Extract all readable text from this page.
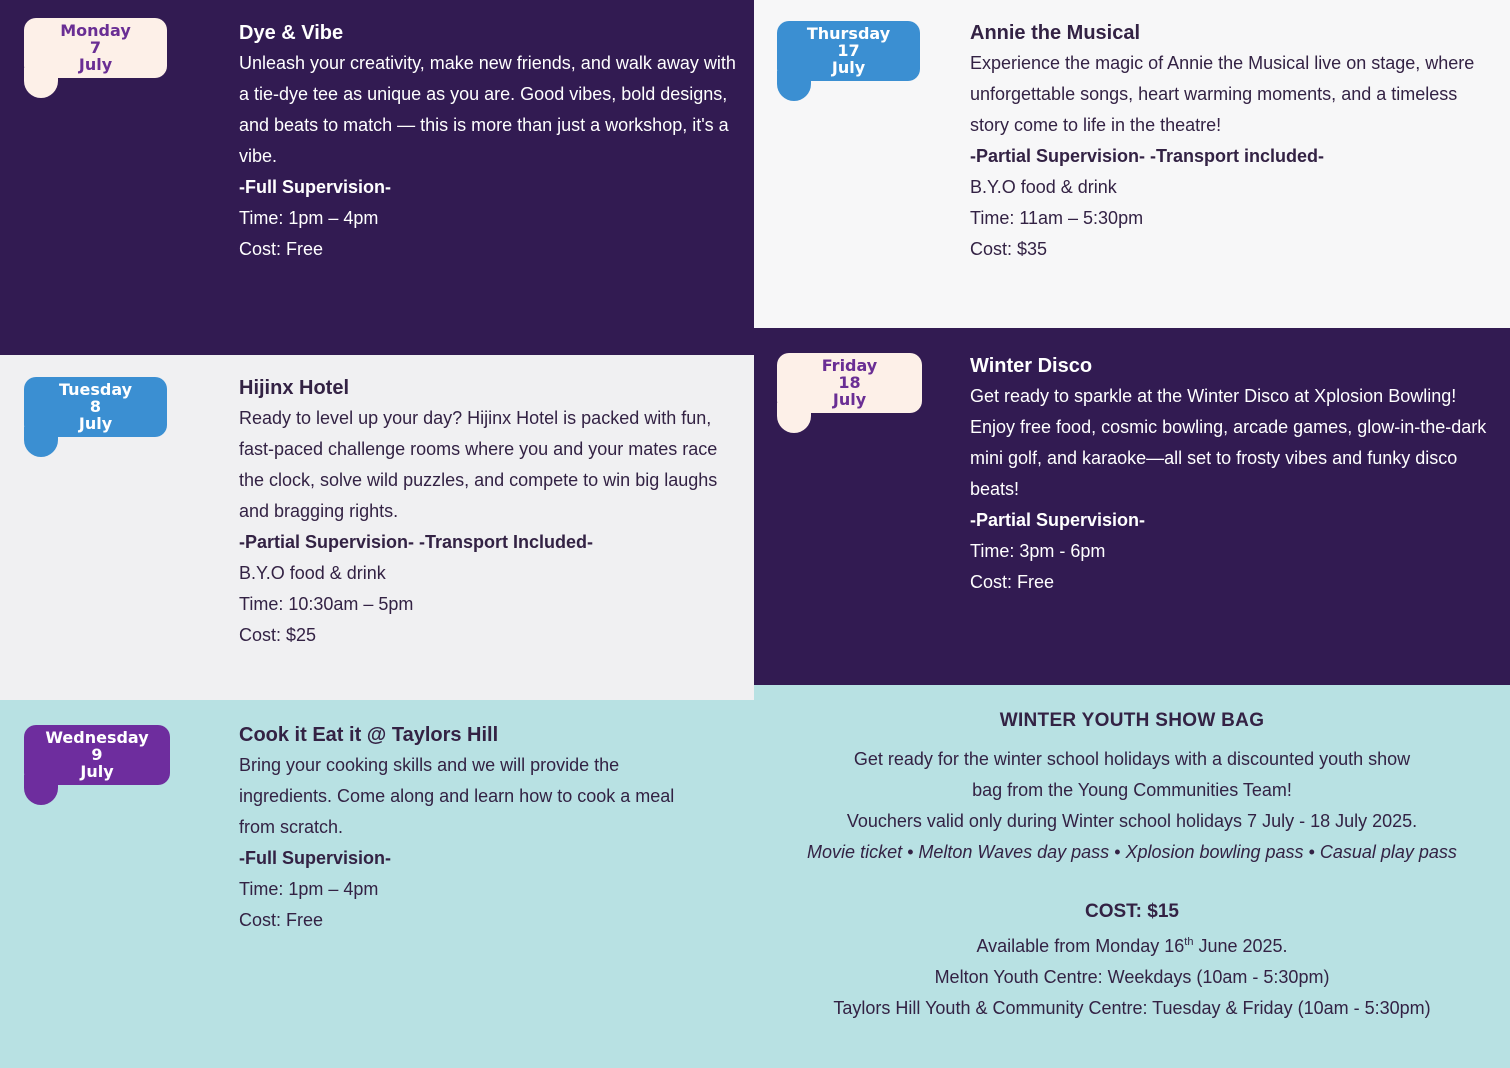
Monday
7
July

Dye & Vibe

Unleash your creativity, make new friends, and walk away with a tie-dye tee as unique as you are. Good vibes, bold designs, and beats to match — this is more than just a workshop, it's a vibe.

-Full Supervision-

Time: 1pm – 4pm

Cost: Free

Tuesday
8
July

Hijinx Hotel

Ready to level up your day? Hijinx Hotel is packed with fun, fast-paced challenge rooms where you and your mates race the clock, solve wild puzzles, and compete to win big laughs and bragging rights.

-Partial Supervision- -Transport Included-

B.Y.O food & drink

Time: 10:30am – 5pm

Cost: $25

Wednesday
9
July

Cook it Eat it @ Taylors Hill

Bring your cooking skills and we will provide the ingredients. Come along and learn how to cook a meal from scratch.

-Full Supervision-

Time: 1pm – 4pm

Cost: Free

Thursday
17
July

Annie the Musical

Experience the magic of Annie the Musical live on stage, where unforgettable songs, heart warming moments, and a timeless story come to life in the theatre!

-Partial Supervision- -Transport included-

B.Y.O food & drink

Time: 11am – 5:30pm

Cost: $35

Friday
18
July

Winter Disco

Get ready to sparkle at the Winter Disco at Xplosion Bowling! Enjoy free food, cosmic bowling, arcade games, glow-in-the-dark mini golf, and karaoke—all set to frosty vibes and funky disco beats!

-Partial Supervision-

Time: 3pm - 6pm

Cost: Free

WINTER YOUTH SHOW BAG

Get ready for the winter school holidays with a discounted youth show

bag from the Young Communities Team!

Vouchers valid only during Winter school holidays 7 July - 18 July 2025.

Movie ticket • Melton Waves day pass • Xplosion bowling pass • Casual play pass

COST: $15

Available from Monday 16th June 2025.

Melton Youth Centre: Weekdays (10am - 5:30pm)

Taylors Hill Youth & Community Centre: Tuesday & Friday (10am - 5:30pm)
